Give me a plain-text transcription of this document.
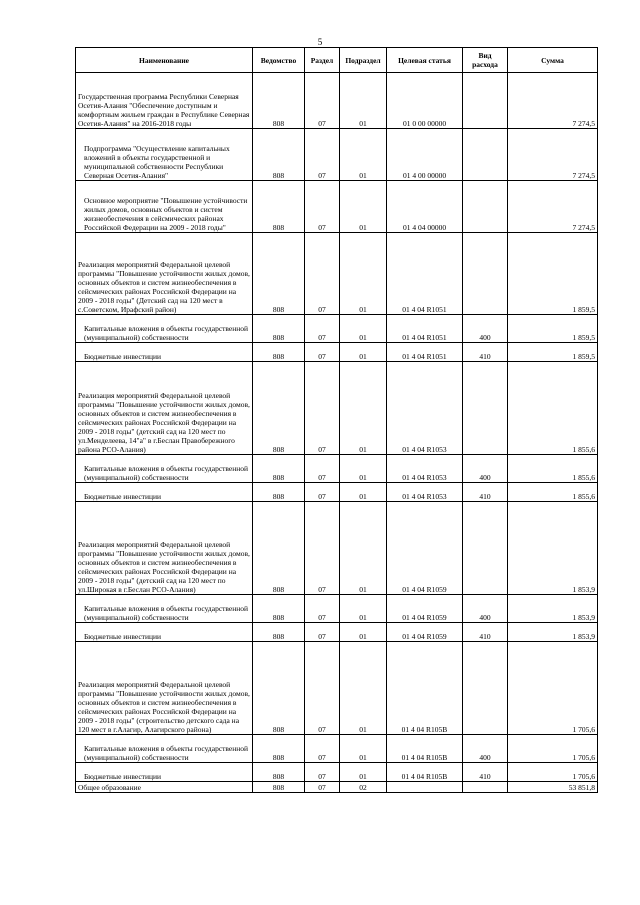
5
Наименование	Ведомство	Раздел	Подраздел	Целевая статья	Вид расхода	Сумма

Государственная программа Республики Северная Осетия-Алания "Обеспечение доступным и комфортным жильем граждан в Республике Северная Осетия-Алания" на 2016-2018 годы	808	07	01	01 0 00 00000		7 274,5

Подпрограмма "Осуществление капитальных вложений в объекты государственной и муниципальной собственности Республики Северная Осетия-Алания"	808	07	01	01 4 00 00000		7 274,5

Основное мероприятие "Повышение устойчивости жилых домов, основных объектов и систем жизнеобеспечения в сейсмических районах Российской Федерации на 2009 - 2018 годы"	808	07	01	01 4 04 00000		7 274,5

Реализация мероприятий Федеральной целевой программы "Повышение устойчивости жилых домов, основных объектов и систем жизнеобеспечения в сейсмических районах Российской Федерации на 2009 - 2018 годы" (Детский сад на 120 мест в с.Советском, Ирафский район)	808	07	01	01 4 04 R1051		1 859,5

Капитальные вложения в объекты государственной (муниципальной) собственности	808	07	01	01 4 04 R1051	400	1 859,5

Бюджетные инвестиции	808	07	01	01 4 04 R1051	410	1 859,5

Реализация мероприятий Федеральной целевой программы "Повышение устойчивости жилых домов, основных объектов и систем жизнеобеспечения в сейсмических районах Российской Федерации на 2009 - 2018 годы" (детский сад на 120 мест по ул.Менделеева, 14"а" в г.Беслан Правобережного района РСО-Алания)	808	07	01	01 4 04 R1053		1 855,6

Капитальные вложения в объекты государственной (муниципальной) собственности	808	07	01	01 4 04 R1053	400	1 855,6

Бюджетные инвестиции	808	07	01	01 4 04 R1053	410	1 855,6

Реализация мероприятий Федеральной целевой программы "Повышение устойчивости жилых домов, основных объектов и систем жизнеобеспечения в сейсмических районах Российской Федерации на 2009 - 2018 годы" (детский сад на 120 мест по ул.Широкая в г.Беслан РСО-Алания)	808	07	01	01 4 04 R1059		1 853,9

Капитальные вложения в объекты государственной (муниципальной) собственности	808	07	01	01 4 04 R1059	400	1 853,9

Бюджетные инвестиции	808	07	01	01 4 04 R1059	410	1 853,9

Реализация мероприятий Федеральной целевой программы "Повышение устойчивости жилых домов, основных объектов и систем жизнеобеспечения в сейсмических районах Российской Федерации на 2009 - 2018 годы" (строительство детского сада на 120 мест в г.Алагир, Алагирского района)	808	07	01	01 4 04 R105В		1 705,6

Капитальные вложения в объекты государственной (муниципальной) собственности	808	07	01	01 4 04 R105В	400	1 705,6

Бюджетные инвестиции	808	07	01	01 4 04 R105В	410	1 705,6

Общее образование	808	07	02			53 851,8
